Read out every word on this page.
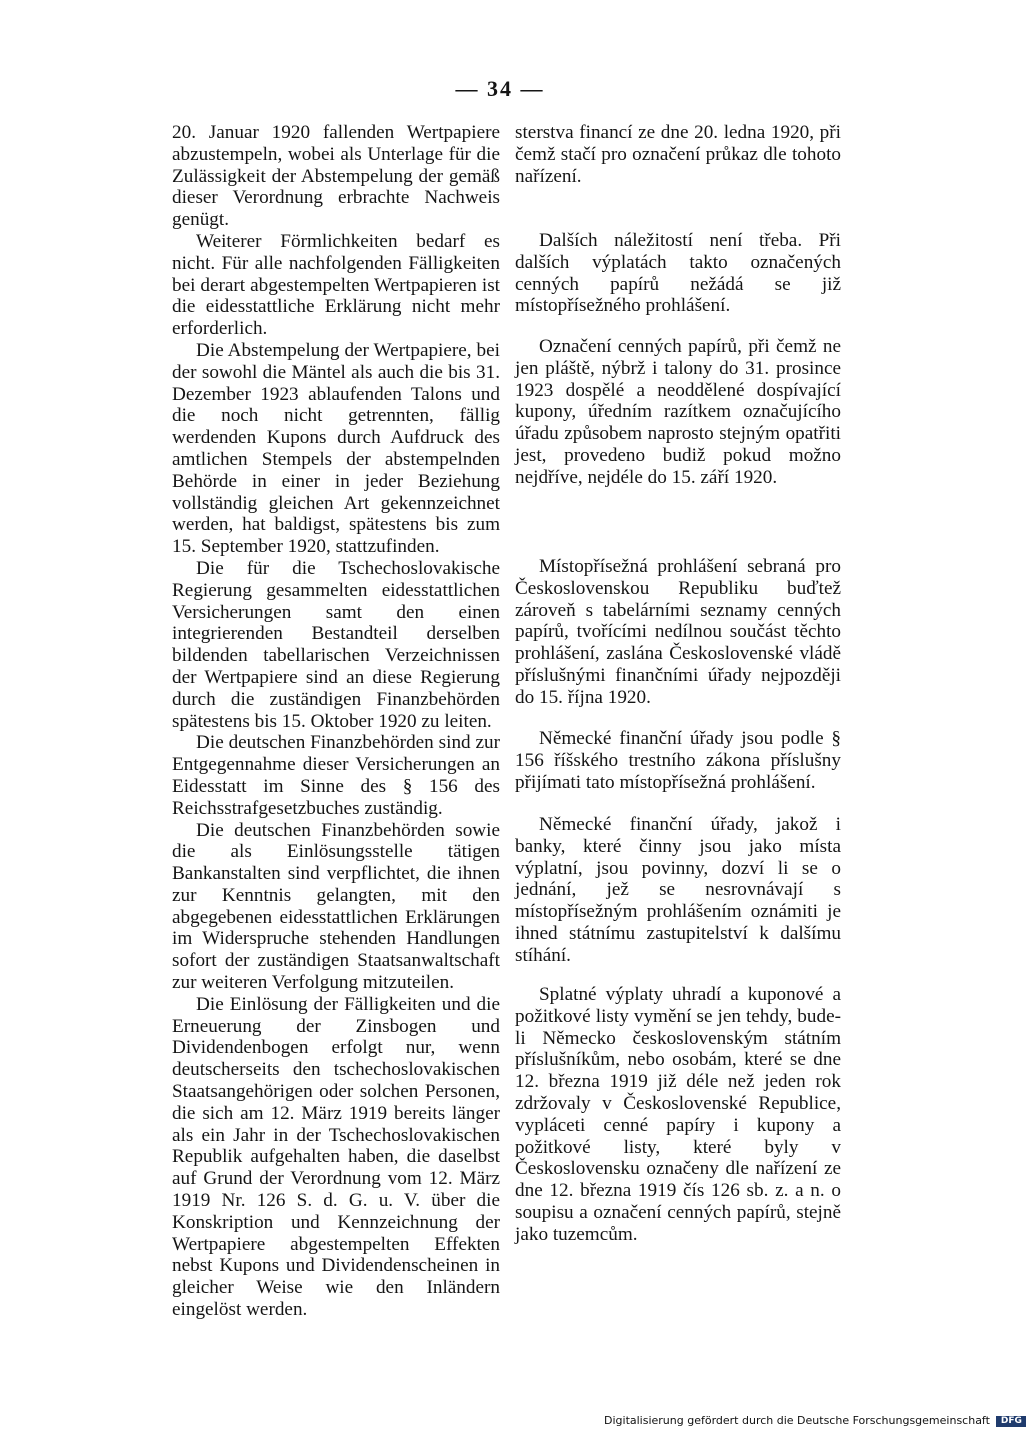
— 34 —

20. Januar 1920 fallenden Wertpapiere abzustempeln, wobei als Unterlage für die Zulässigkeit der Abstempelung der gemäß dieser Verordnung erbrachte Nachweis genügt.

Weiterer Förmlichkeiten bedarf es nicht. Für alle nachfolgenden Fälligkeiten bei derart abgestempelten Wertpapieren ist die eidesstattliche Erklärung nicht mehr erforderlich.

Die Abstempelung der Wertpapiere, bei der sowohl die Mäntel als auch die bis 31. Dezember 1923 ablaufenden Talons und die noch nicht getrennten, fällig werdenden Kupons durch Aufdruck des amtlichen Stempels der abstempelnden Behörde in einer in jeder Beziehung vollständig gleichen Art gekennzeichnet werden, hat baldigst, spätestens bis zum 15. September 1920, stattzufinden.

Die für die Tschechoslovakische Regierung gesammelten eidesstattlichen Versicherungen samt den einen integrierenden Bestandteil derselben bildenden tabellarischen Verzeichnissen der Wertpapiere sind an diese Regierung durch die zuständigen Finanzbehörden spätestens bis 15. Oktober 1920 zu leiten.

Die deutschen Finanzbehörden sind zur Entgegennahme dieser Versicherungen an Eidesstatt im Sinne des § 156 des Reichsstrafgesetzbuches zuständig.

Die deutschen Finanzbehörden sowie die als Einlösungsstelle tätigen Bankanstalten sind verpflichtet, die ihnen zur Kenntnis gelangten, mit den abgegebenen eidesstattlichen Erklärungen im Widerspruche stehenden Handlungen sofort der zuständigen Staatsanwaltschaft zur weiteren Verfolgung mitzuteilen.

Die Einlösung der Fälligkeiten und die Erneuerung der Zinsbogen und Dividendenbogen erfolgt nur, wenn deutscherseits den tschechoslovakischen Staatsangehörigen oder solchen Personen, die sich am 12. März 1919 bereits länger als ein Jahr in der Tschechoslovakischen Republik aufgehalten haben, die daselbst auf Grund der Verordnung vom 12. März 1919 Nr. 126 S. d. G. u. V. über die Konskription und Kennzeichnung der Wertpapiere abgestempelten Effekten nebst Kupons und Dividendenscheinen in gleicher Weise wie den Inländern eingelöst werden.

sterstva financí ze dne 20. ledna 1920, při čemž stačí pro označení průkaz dle tohoto nařízení.

Dalších náležitostí není třeba. Při dalších výplatách takto označených cenných papírů nežádá se již místopřísežného prohlášení.

Označení cenných papírů, při čemž ne jen pláště, nýbrž i talony do 31. prosince 1923 dospělé a neoddělené dospívající kupony, úředním razítkem označujícího úřadu způsobem naprosto stejným opatřiti jest, provedeno budiž pokud možno nejdříve, nejdéle do 15. září 1920.

Místopřísežná prohlášení sebraná pro Československou Republiku buďtež zároveň s tabelárními seznamy cenných papírů, tvořícími nedílnou součást těchto prohlášení, zaslána Československé vládě příslušnými finančními úřady nejpozději do 15. října 1920.

Německé finanční úřady jsou podle § 156 říšského trestního zákona příslušny přijímati tato místopřísežná prohlášení.

Německé finanční úřady, jakož i banky, které činny jsou jako místa výplatní, jsou povinny, dozví li se o jednání, jež se nesrovnávají s místopřísežným prohlášením oznámiti je ihned státnímu zastupitelství k dalšímu stíhání.

Splatné výplaty uhradí a kuponové a požitkové listy vymění se jen tehdy, bude-li Německo československým státním příslušníkům, nebo osobám, které se dne 12. března 1919 již déle než jeden rok zdržovaly v Československé Republice, vypláceti cenné papíry i kupony a požitkové listy, které byly v Československu označeny dle nařízení ze dne 12. března 1919 čís 126 sb. z. a n. o soupisu a označení cenných papírů, stejně jako tuzemcům.

Digitalisierung gefördert durch die Deutsche Forschungsgemeinschaft DFG
